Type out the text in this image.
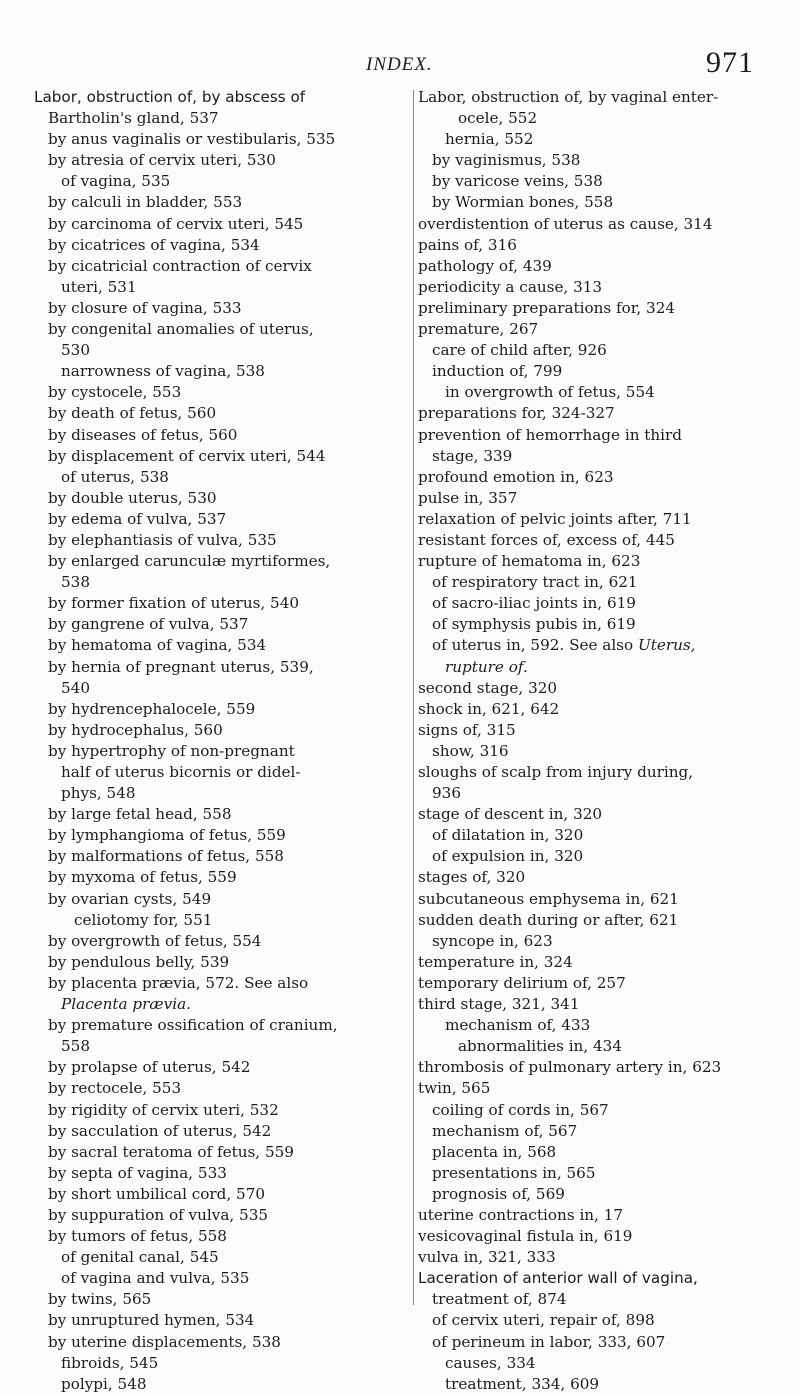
INDEX.	971
Labor, obstruction of, by abscess of
Bartholin's gland, 537
by anus vaginalis or vestibularis, 535
by atresia of cervix uteri, 530
of vagina, 535
by calculi in bladder, 553
by carcinoma of cervix uteri, 545
by cicatrices of vagina, 534
by cicatricial contraction of cervix
uteri, 531
by closure of vagina, 533
by congenital anomalies of uterus,
530
narrowness of vagina, 538
by cystocele, 553
by death of fetus, 560
by diseases of fetus, 560
by displacement of cervix uteri, 544
of uterus, 538
by double uterus, 530
by edema of vulva, 537
by elephantiasis of vulva, 535
by enlarged carunculæ myrtiformes,
538
by former fixation of uterus, 540
by gangrene of vulva, 537
by hematoma of vagina, 534
by hernia of pregnant uterus, 539,
540
by hydrencephalocele, 559
by hydrocephalus, 560
by hypertrophy of non-pregnant
half of uterus bicornis or didel-
phys, 548
by large fetal head, 558
by lymphangioma of fetus, 559
by malformations of fetus, 558
by myxoma of fetus, 559
by ovarian cysts, 549
celiotomy for, 551
by overgrowth of fetus, 554
by pendulous belly, 539
by placenta prævia, 572. See also
Placenta prævia.
by premature ossification of cranium,
558
by prolapse of uterus, 542
by rectocele, 553
by rigidity of cervix uteri, 532
by sacculation of uterus, 542
by sacral teratoma of fetus, 559
by septa of vagina, 533
by short umbilical cord, 570
by suppuration of vulva, 535
by tumors of fetus, 558
of genital canal, 545
of vagina and vulva, 535
by twins, 565
by unruptured hymen, 534
by uterine displacements, 538
fibroids, 545
polypi, 548
Labor, obstruction of, by vaginal enter-
ocele, 552
hernia, 552
by vaginismus, 538
by varicose veins, 538
by Wormian bones, 558
overdistention of uterus as cause, 314
pains of, 316
pathology of, 439
periodicity a cause, 313
preliminary preparations for, 324
premature, 267
care of child after, 926
induction of, 799
in overgrowth of fetus, 554
preparations for, 324-327
prevention of hemorrhage in third
stage, 339
profound emotion in, 623
pulse in, 357
relaxation of pelvic joints after, 711
resistant forces of, excess of, 445
rupture of hematoma in, 623
of respiratory tract in, 621
of sacro-iliac joints in, 619
of symphysis pubis in, 619
of uterus in, 592. See also Uterus,
rupture of.
second stage, 320
shock in, 621, 642
signs of, 315
show, 316
sloughs of scalp from injury during,
936
stage of descent in, 320
of dilatation in, 320
of expulsion in, 320
stages of, 320
subcutaneous emphysema in, 621
sudden death during or after, 621
syncope in, 623
temperature in, 324
temporary delirium of, 257
third stage, 321, 341
mechanism of, 433
abnormalities in, 434
thrombosis of pulmonary artery in, 623
twin, 565
coiling of cords in, 567
mechanism of, 567
placenta in, 568
presentations in, 565
prognosis of, 569
uterine contractions in, 17
vesicovaginal fistula in, 619
vulva in, 321, 333
Laceration of anterior wall of vagina,
treatment of, 874
of cervix uteri, repair of, 898
of perineum in labor, 333, 607
causes, 334
treatment, 334, 609
